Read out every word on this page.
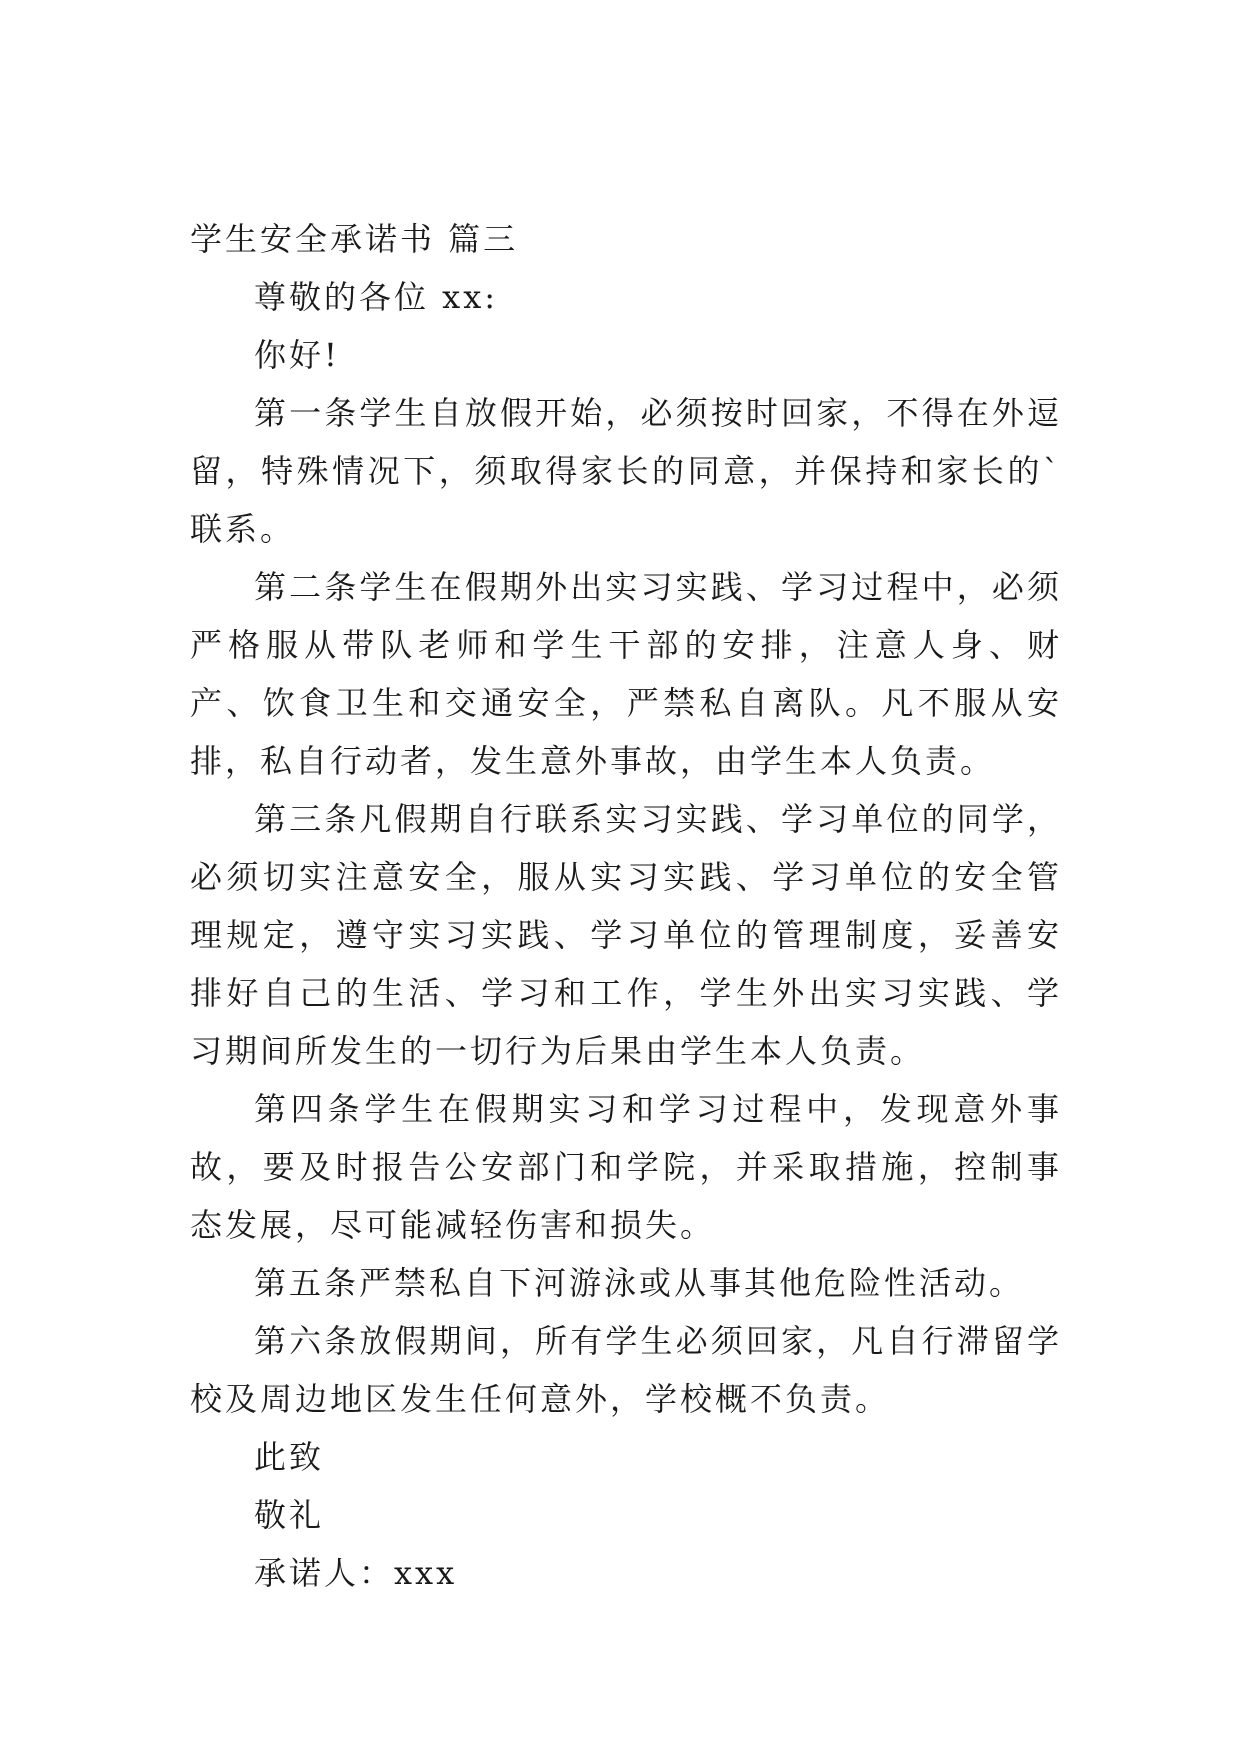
学生安全承诺书 篇三

尊敬的各位 xx:

你好!

第一条学生自放假开始，必须按时回家，不得在外逗留，特殊情况下，须取得家长的同意，并保持和家长的`联系。

第二条学生在假期外出实习实践、学习过程中，必须严格服从带队老师和学生干部的安排，注意人身、财产、饮食卫生和交通安全，严禁私自离队。凡不服从安排，私自行动者，发生意外事故，由学生本人负责。

第三条凡假期自行联系实习实践、学习单位的同学，必须切实注意安全，服从实习实践、学习单位的安全管理规定，遵守实习实践、学习单位的管理制度，妥善安排好自己的生活、学习和工作，学生外出实习实践、学习期间所发生的一切行为后果由学生本人负责。

第四条学生在假期实习和学习过程中，发现意外事故，要及时报告公安部门和学院，并采取措施，控制事态发展，尽可能减轻伤害和损失。

第五条严禁私自下河游泳或从事其他危险性活动。

第六条放假期间，所有学生必须回家，凡自行滞留学校及周边地区发生任何意外，学校概不负责。

此致

敬礼

承诺人：xxx
